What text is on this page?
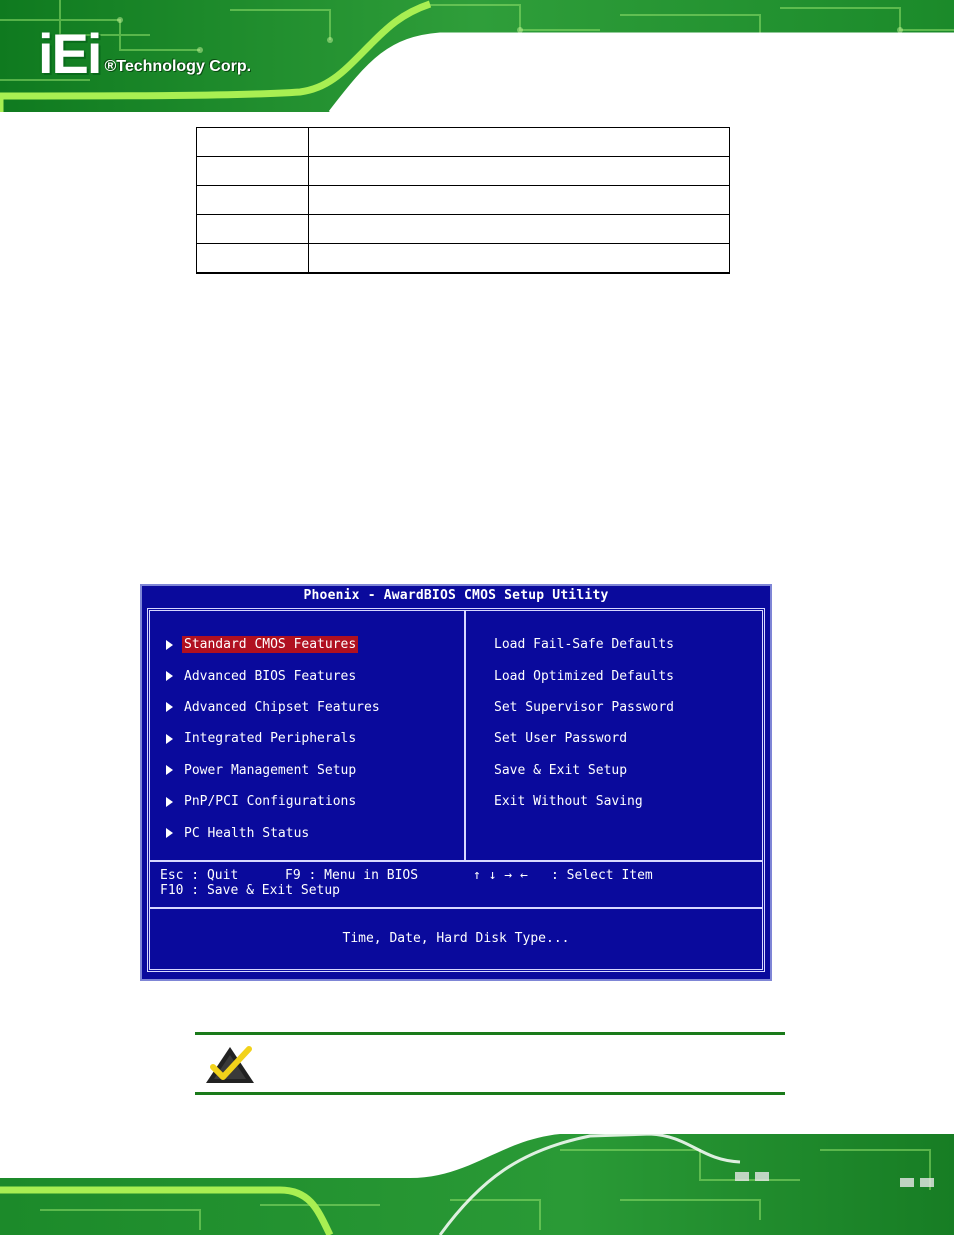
iEi ®Technology Corp.

Phoenix - AwardBIOS CMOS Setup Utility
Standard CMOS Features
Advanced BIOS Features
Advanced Chipset Features
Integrated Peripherals
Power Management Setup
PnP/PCI Configurations
PC Health Status
Load Fail-Safe Defaults
Load Optimized Defaults
Set Supervisor Password
Set User Password
Save & Exit Setup
Exit Without Saving
Esc : Quit	F9 : Menu in BIOS	↑ ↓ → ← : Select Item
F10 : Save & Exit Setup
Time, Date, Hard Disk Type...
